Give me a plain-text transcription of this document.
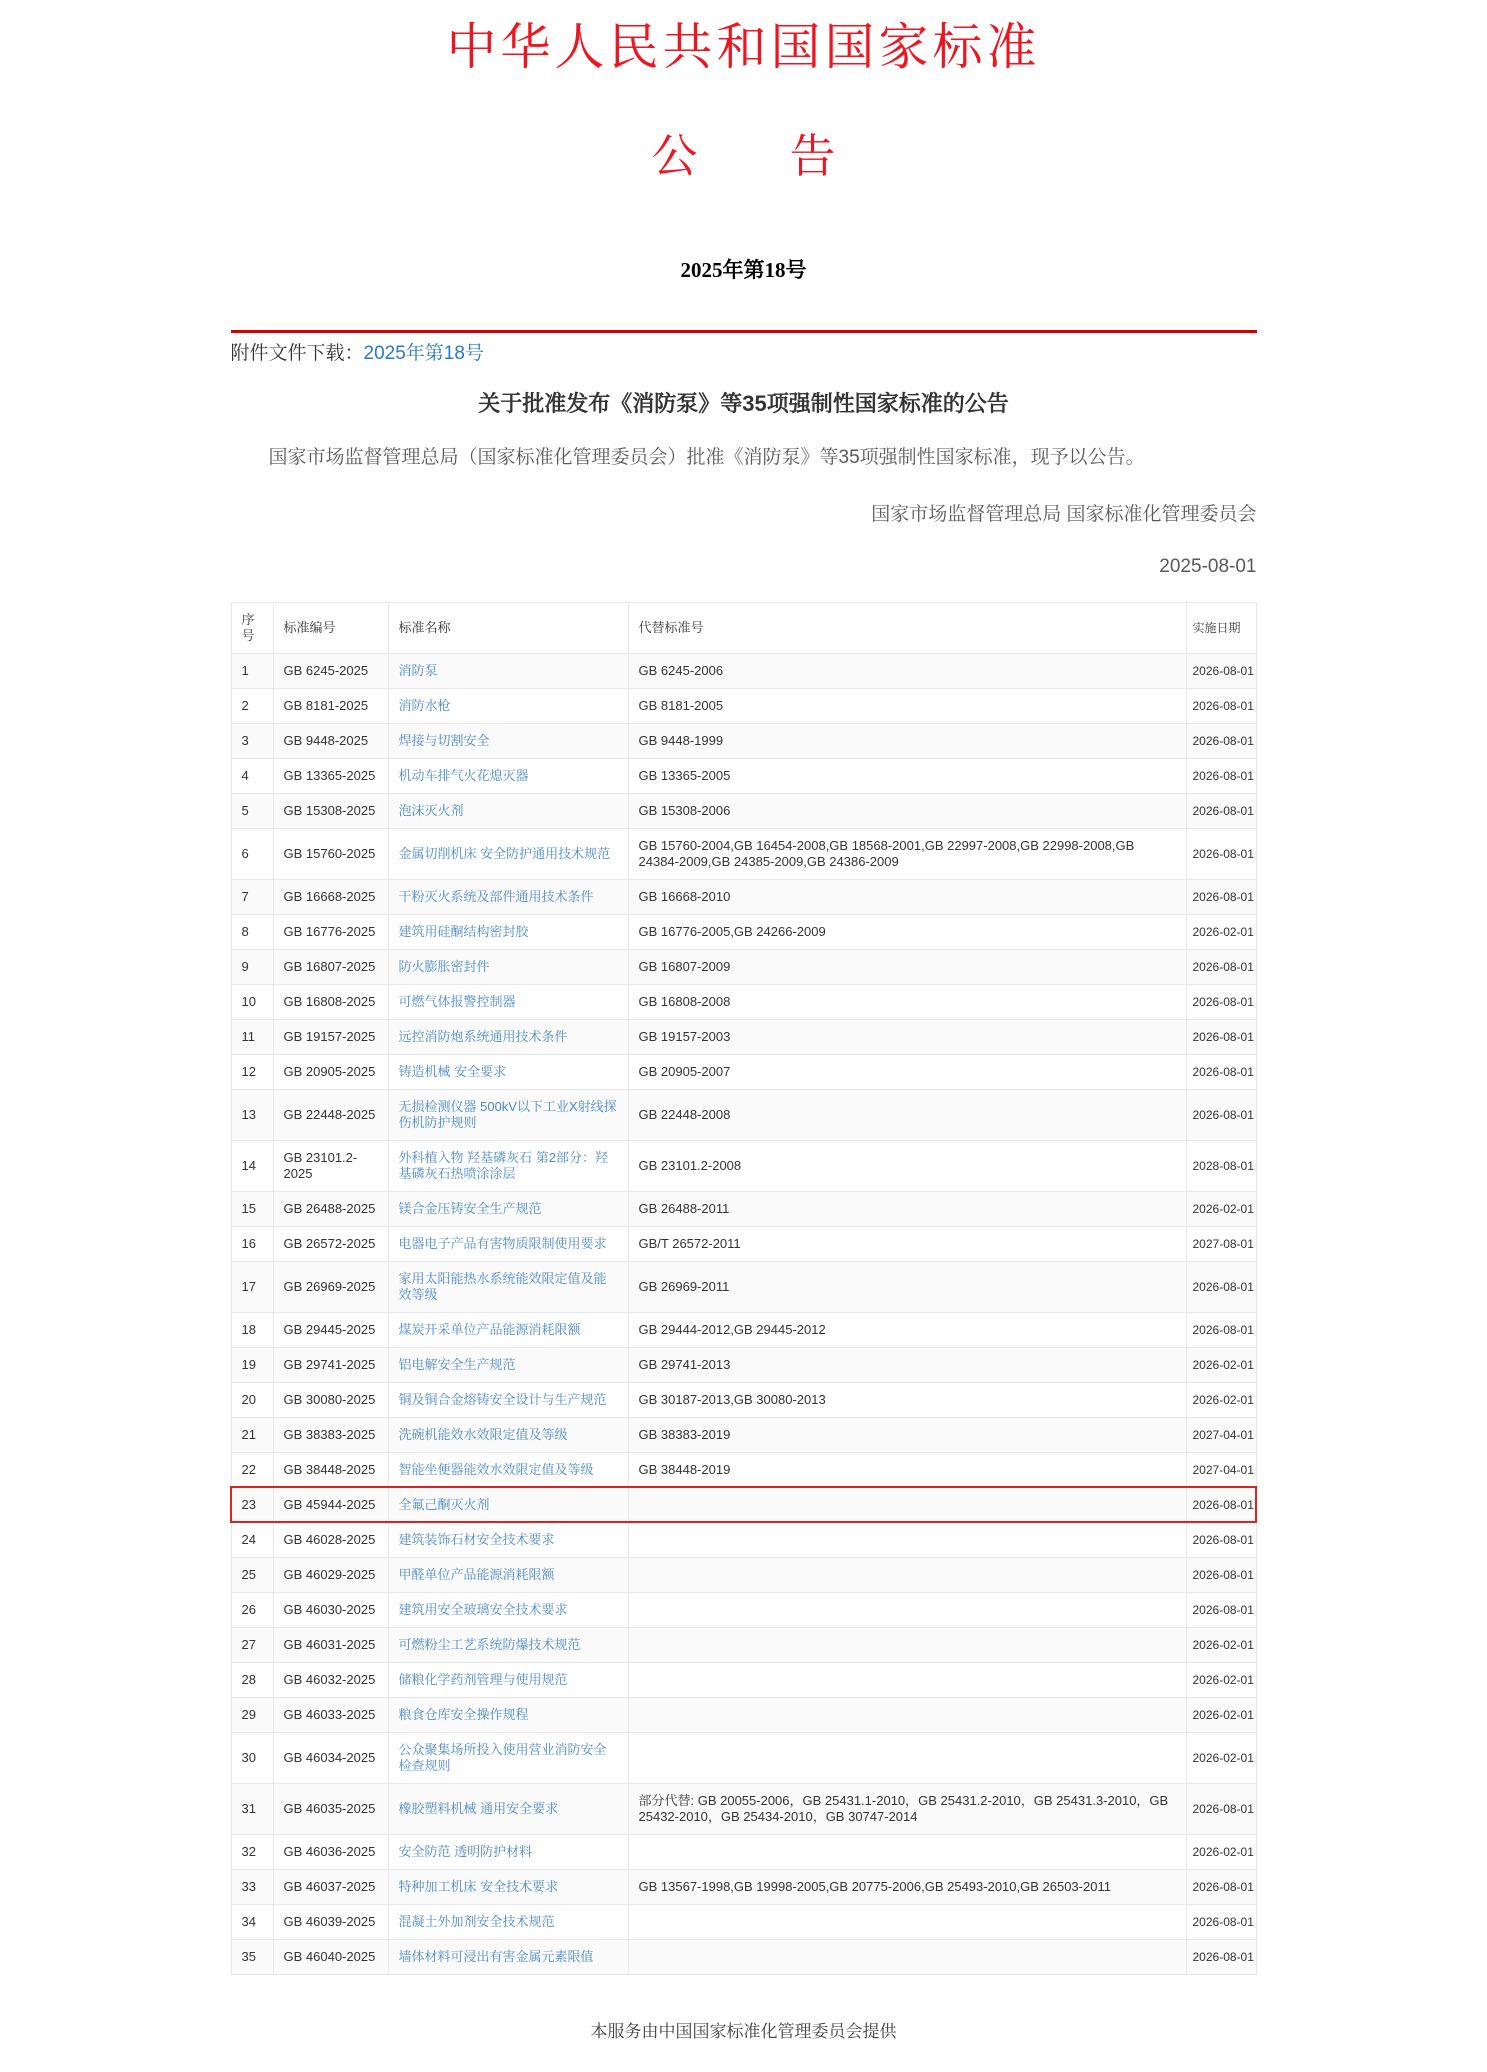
中华人民共和国国家标准
公　　告
2025年第18号
附件文件下载：2025年第18号
关于批准发布《消防泵》等35项强制性国家标准的公告

国家市场监督管理总局（国家标准化管理委员会）批准《消防泵》等35项强制性国家标准，现予以公告。

国家市场监督管理总局 国家标准化管理委员会

2025-08-01

序号	标准编号	标准名称	代替标准号	实施日期
1	GB 6245-2025	消防泵	GB 6245-2006	2026-08-01
2	GB 8181-2025	消防水枪	GB 8181-2005	2026-08-01
3	GB 9448-2025	焊接与切割安全	GB 9448-1999	2026-08-01
4	GB 13365-2025	机动车排气火花熄灭器	GB 13365-2005	2026-08-01
5	GB 15308-2025	泡沫灭火剂	GB 15308-2006	2026-08-01
6	GB 15760-2025	金属切削机床 安全防护通用技术规范	GB 15760-2004,GB 16454-2008,GB 18568-2001,GB 22997-2008,GB 22998-2008,GB 24384-2009,GB 24385-2009,GB 24386-2009	2026-08-01
7	GB 16668-2025	干粉灭火系统及部件通用技术条件	GB 16668-2010	2026-08-01
8	GB 16776-2025	建筑用硅酮结构密封胶	GB 16776-2005,GB 24266-2009	2026-02-01
9	GB 16807-2025	防火膨胀密封件	GB 16807-2009	2026-08-01
10	GB 16808-2025	可燃气体报警控制器	GB 16808-2008	2026-08-01
11	GB 19157-2025	远控消防炮系统通用技术条件	GB 19157-2003	2026-08-01
12	GB 20905-2025	铸造机械 安全要求	GB 20905-2007	2026-08-01
13	GB 22448-2025	无损检测仪器 500kV以下工业X射线探伤机防护规则	GB 22448-2008	2026-08-01
14	GB 23101.2-2025	外科植入物 羟基磷灰石 第2部分：羟基磷灰石热喷涂涂层	GB 23101.2-2008	2028-08-01
15	GB 26488-2025	镁合金压铸安全生产规范	GB 26488-2011	2026-02-01
16	GB 26572-2025	电器电子产品有害物质限制使用要求	GB/T 26572-2011	2027-08-01
17	GB 26969-2025	家用太阳能热水系统能效限定值及能效等级	GB 26969-2011	2026-08-01
18	GB 29445-2025	煤炭开采单位产品能源消耗限额	GB 29444-2012,GB 29445-2012	2026-08-01
19	GB 29741-2025	铝电解安全生产规范	GB 29741-2013	2026-02-01
20	GB 30080-2025	铜及铜合金熔铸安全设计与生产规范	GB 30187-2013,GB 30080-2013	2026-02-01
21	GB 38383-2025	洗碗机能效水效限定值及等级	GB 38383-2019	2027-04-01
22	GB 38448-2025	智能坐便器能效水效限定值及等级	GB 38448-2019	2027-04-01
23	GB 45944-2025	全氟己酮灭火剂		2026-08-01
24	GB 46028-2025	建筑装饰石材安全技术要求		2026-08-01
25	GB 46029-2025	甲醛单位产品能源消耗限额		2026-08-01
26	GB 46030-2025	建筑用安全玻璃安全技术要求		2026-08-01
27	GB 46031-2025	可燃粉尘工艺系统防爆技术规范		2026-02-01
28	GB 46032-2025	储粮化学药剂管理与使用规范		2026-02-01
29	GB 46033-2025	粮食仓库安全操作规程		2026-02-01
30	GB 46034-2025	公众聚集场所投入使用营业消防安全检查规则		2026-02-01
31	GB 46035-2025	橡胶塑料机械 通用安全要求	部分代替: GB 20055-2006，GB 25431.1-2010，GB 25431.2-2010，GB 25431.3-2010，GB 25432-2010，GB 25434-2010，GB 30747-2014	2026-08-01
32	GB 46036-2025	安全防范 透明防护材料		2026-02-01
33	GB 46037-2025	特种加工机床 安全技术要求	GB 13567-1998,GB 19998-2005,GB 20775-2006,GB 25493-2010,GB 26503-2011	2026-08-01
34	GB 46039-2025	混凝土外加剂安全技术规范		2026-08-01
35	GB 46040-2025	墙体材料可浸出有害金属元素限值		2026-08-01
本服务由中国国家标准化管理委员会提供
